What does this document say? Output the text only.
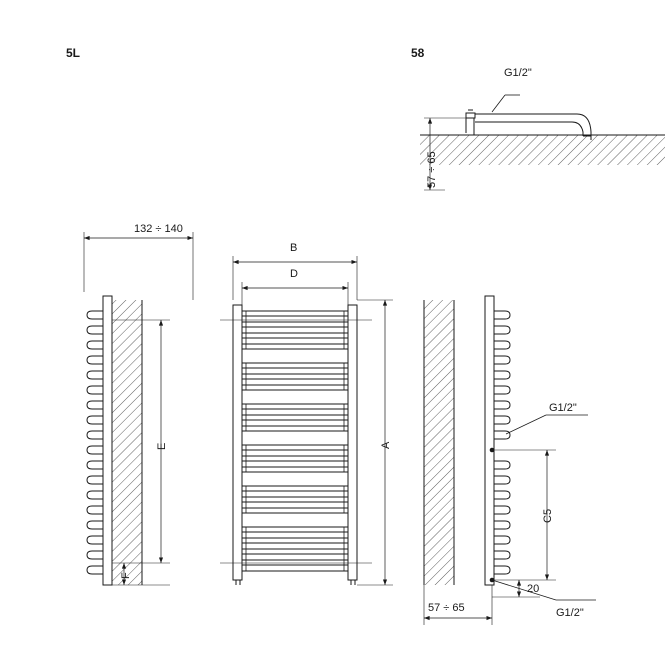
5L	58
G1/2"
57 ÷ 65
132 ÷ 140
E
F
B
D
A
G1/2"
C5
20
57 ÷ 65	G1/2"
